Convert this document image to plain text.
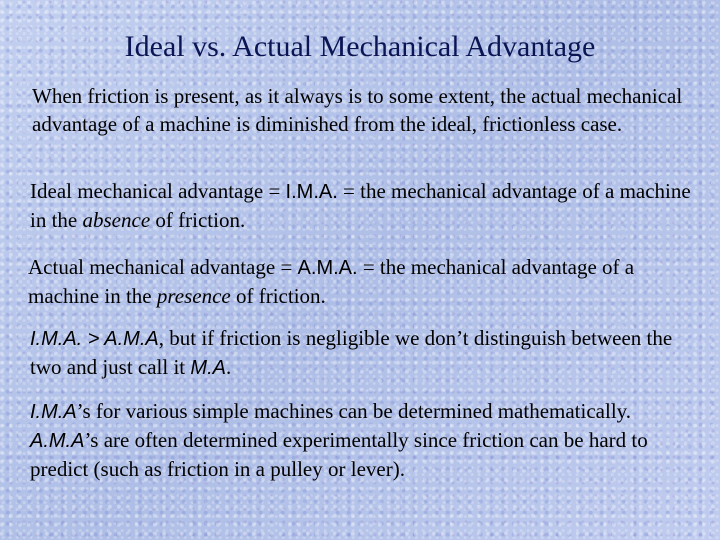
Ideal vs. Actual Mechanical Advantage

When friction is present, as it always is to some extent, the actual mechanical advantage of a machine is diminished from the ideal, frictionless case.

Ideal mechanical advantage = I.M.A. = the mechanical advantage of a machine in the absence of friction.

Actual mechanical advantage = A.M.A. = the mechanical advantage of a machine in the presence of friction.

I.M.A. > A.M.A, but if friction is negligible we don’t distinguish between the two and just call it M.A.

I.M.A’s for various simple machines can be determined mathematically. A.M.A’s are often determined experimentally since friction can be hard to predict (such as friction in a pulley or lever).
